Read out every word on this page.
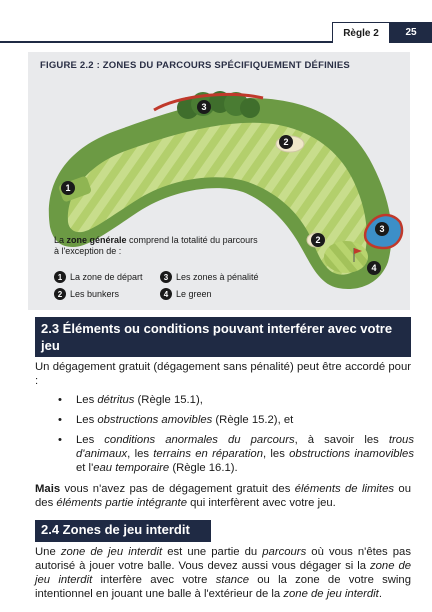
Règle 2	25
1
2
3
2
3
4
FIGURE 2.2 : ZONES DU PARCOURS SPÉCIFIQUEMENT DÉFINIES
La zone générale comprend la totalité du parcours à l'exception de :
1 La zone de départ	3 Les zones à pénalité
2 Les bunkers	4 Le green
2.3 Éléments ou conditions pouvant interférer avec votre jeu

Un dégagement gratuit (dégagement sans pénalité) peut être accordé pour :

• Les détritus (Règle 15.1),
• Les obstructions amovibles (Règle 15.2), et
• Les conditions anormales du parcours, à savoir les trous d'animaux, les terrains en réparation, les obstructions inamovibles et l'eau temporaire (Règle 16.1).

Mais vous n'avez pas de dégagement gratuit des éléments de limites ou des éléments partie intégrante qui interfèrent avec votre jeu.

2.4 Zones de jeu interdit

Une zone de jeu interdit est une partie du parcours où vous n'êtes pas autorisé à jouer votre balle. Vous devez aussi vous dégager si la zone de jeu interdit interfère avec votre stance ou la zone de votre swing intentionnel en jouant une balle à l'extérieur de la zone de jeu interdit.
